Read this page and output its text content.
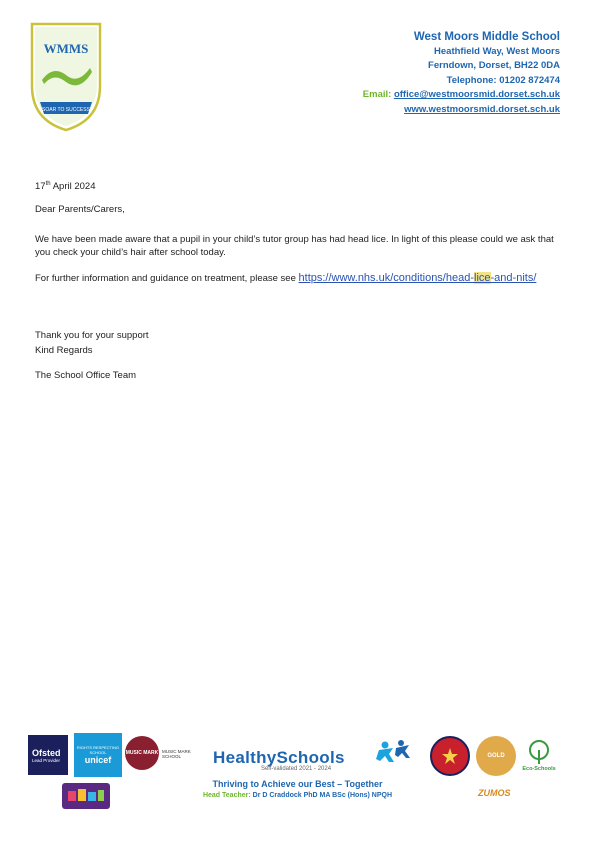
WMMS
SOAR TO SUCCESS
West Moors Middle School
Heathfield Way, West Moors
Ferndown, Dorset, BH22 0DA
Telephone: 01202 872474
Email: office@westmoorsmid.dorset.sch.uk
www.westmoorsmid.dorset.sch.uk
17th April 2024
Dear Parents/Carers,
We have been made aware that a pupil in your child’s tutor group has had head lice. In light of this please could we ask that you check your child’s hair after school today.
For further information and guidance on treatment, please see https://www.nhs.uk/conditions/head-lice-and-nits/
Thank you for your support
Kind Regards
The School Office Team
Ofsted
Lead Provider
RIGHTS RESPECTING SCHOOL
unicef
MUSIC MARK MUSIC MARK SCHOOL	HealthySchools
Self-validated 2021 - 2024
GOLD
Eco-Schools
ZUMOS
Thriving to Achieve our Best – Together
Head Teacher: Dr D Craddock PhD MA BSc (Hons) NPQH
